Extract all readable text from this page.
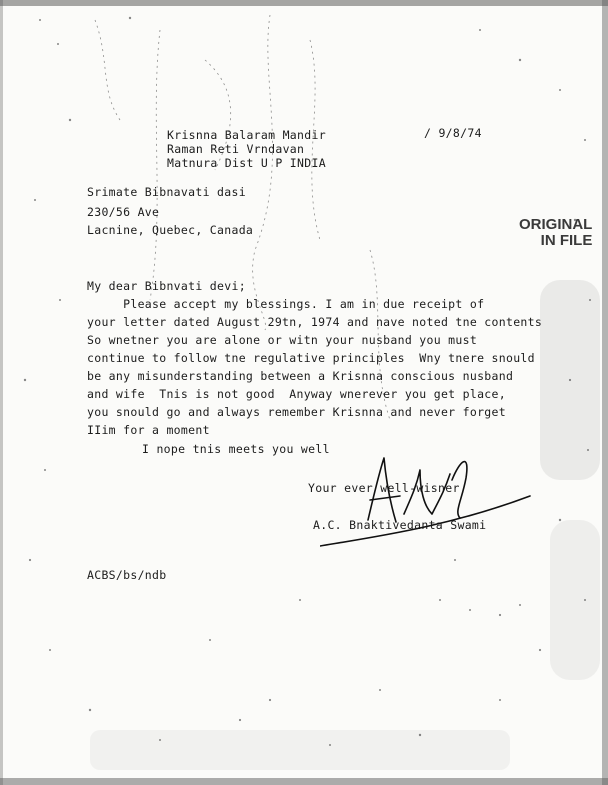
Krisnna Balaram Mandir
Raman Reti Vrndavan
Matnura Dist U P INDIA
/ 9/8/74
Srimate Bibnavati dasi
230/56 Ave
Lacnine, Quebec, Canada	ORIGINAL
IN FILE
My dear Bibnvati devi;
Please accept my blessings. I am in due receipt of
your letter dated August 29tn, 1974 and nave noted tne contents
So wnetner you are alone or witn your nusband you must
continue to follow tne regulative principles  Wny tnere snould
be any misunderstanding between a Krisnna conscious nusband
and wife  Tnis is not good  Anyway wnerever you get place,
you snould go and always remember Krisnna and never forget
IIim for a moment
I nope tnis meets you well
Your ever well-wisner
A.C. Bnaktivedanta Swami
ACBS/bs/ndb
